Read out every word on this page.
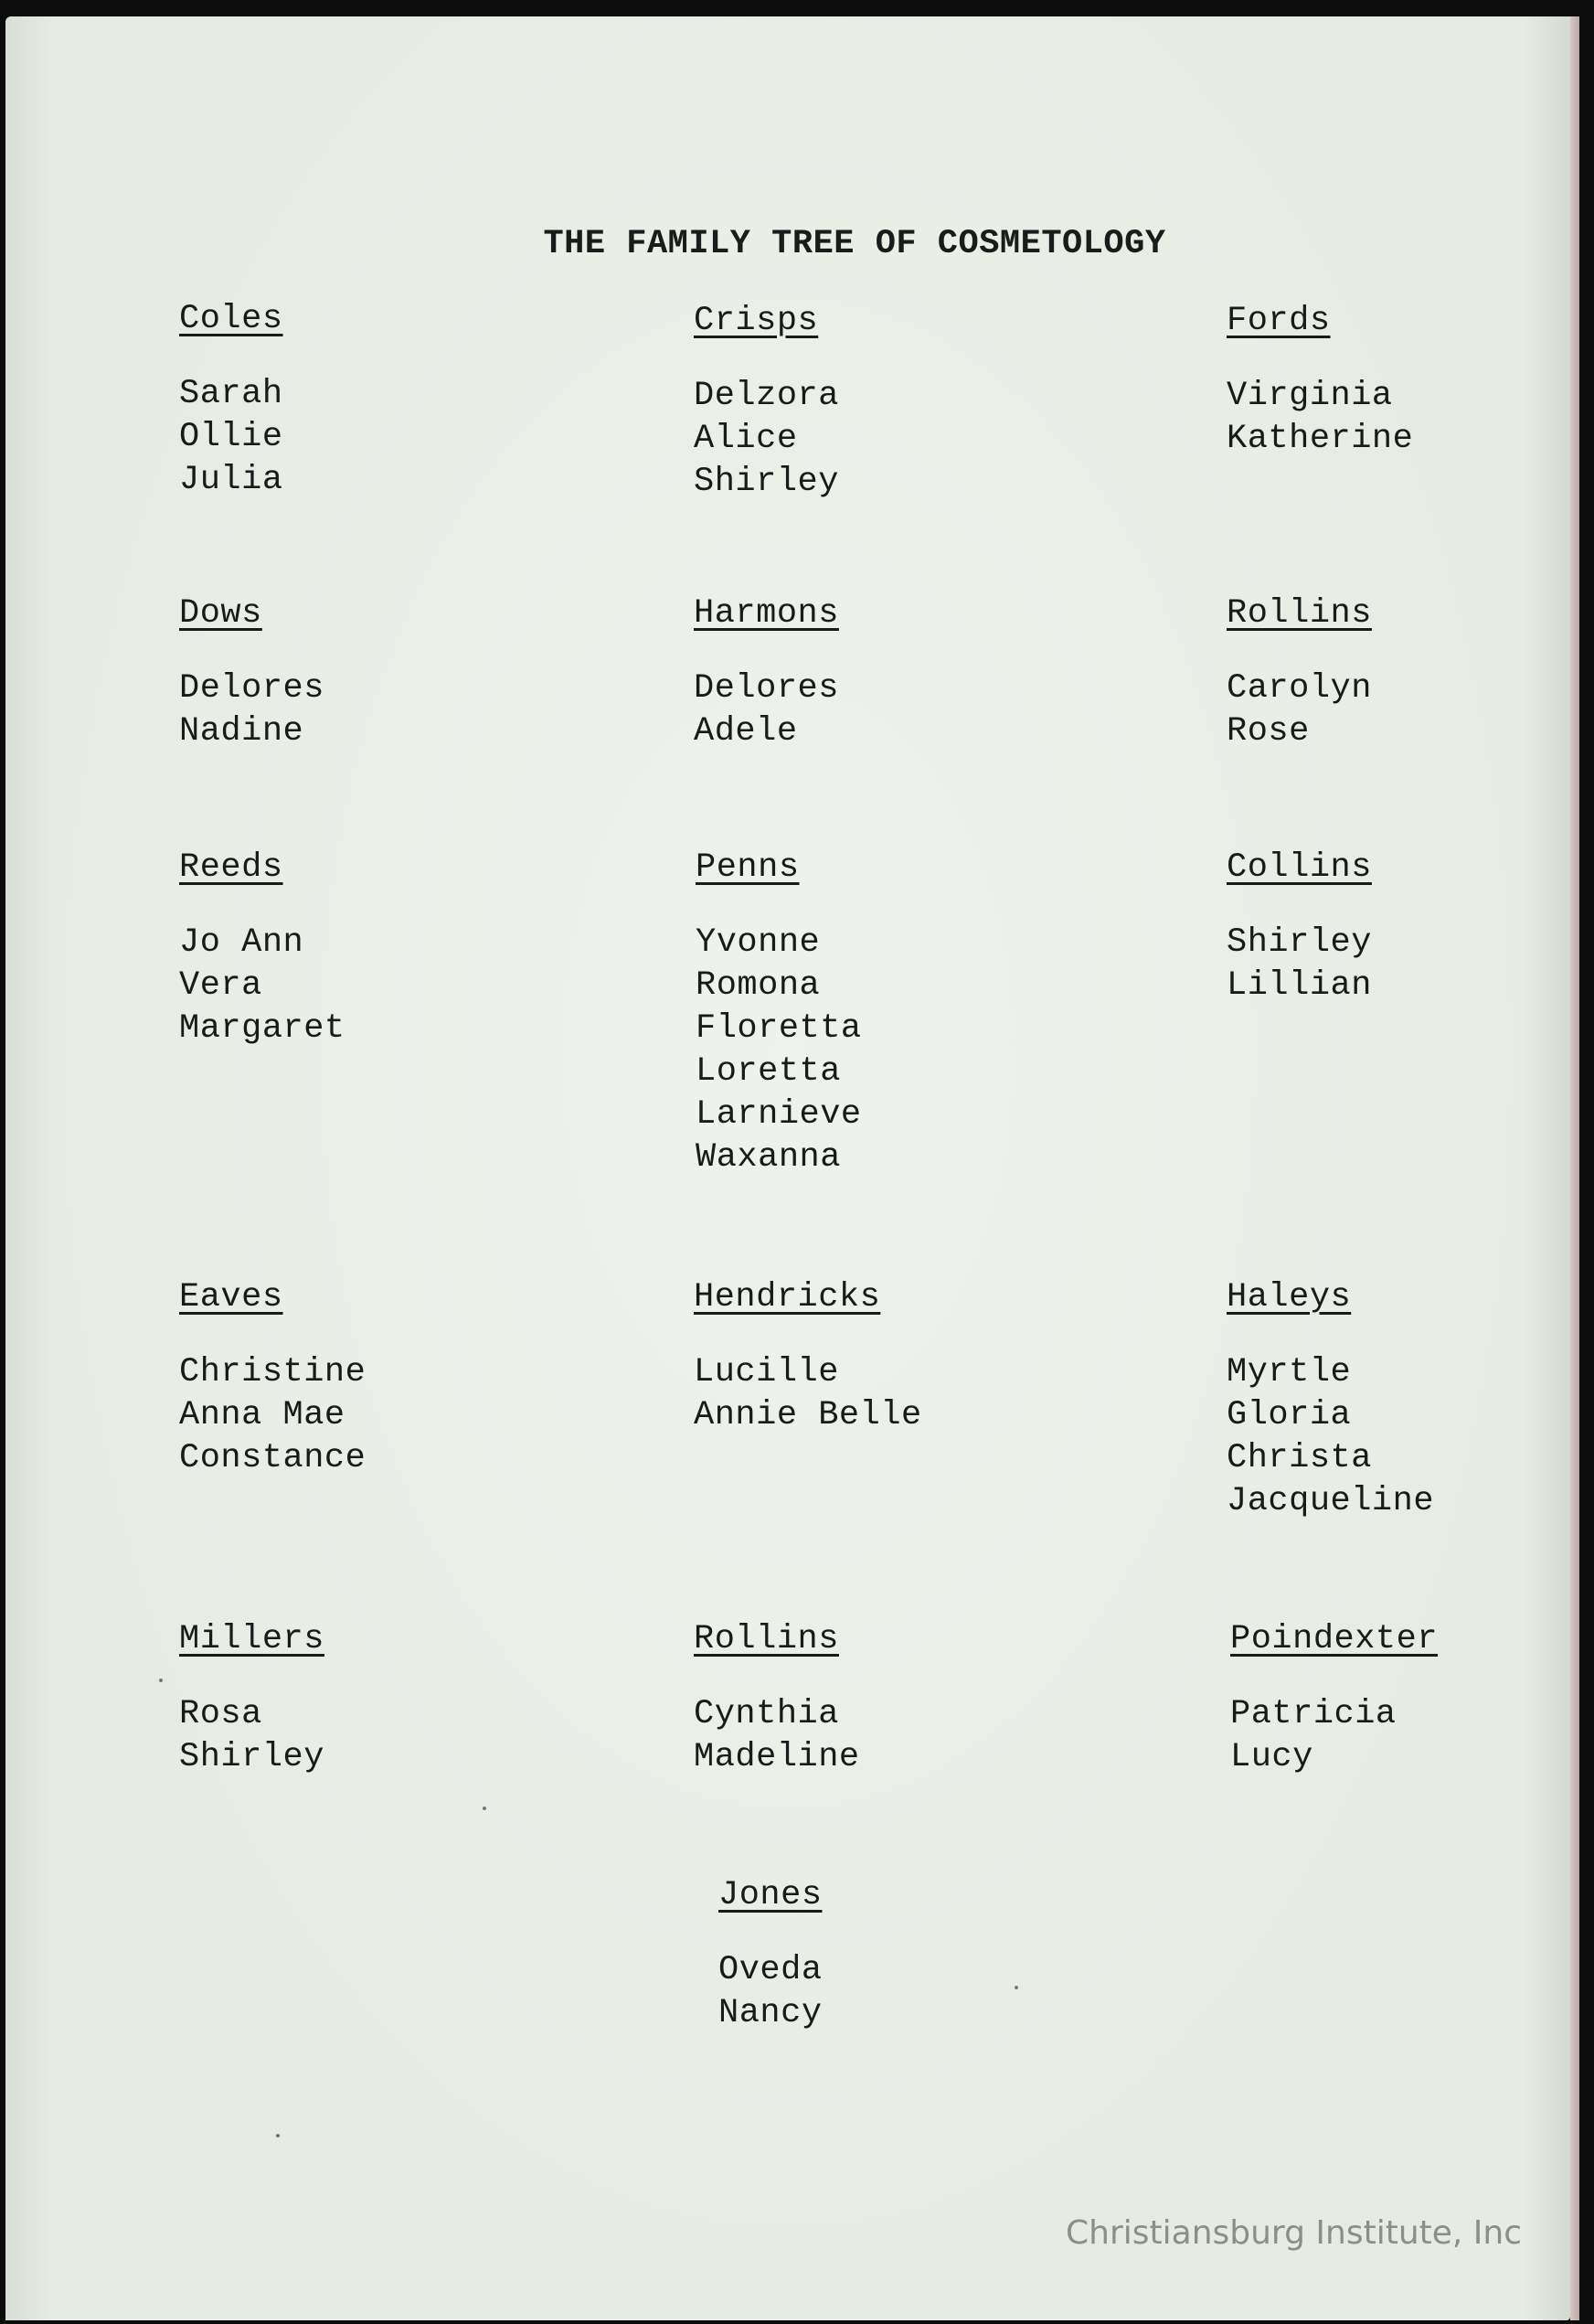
THE FAMILY TREE OF COSMETOLOGY
Coles
Sarah
Ollie
Julia
Crisps
Delzora
Alice
Shirley
Fords
Virginia
Katherine
Dows
Delores
Nadine
Harmons
Delores
Adele
Rollins
Carolyn
Rose
Reeds
Jo Ann
Vera
Margaret
Penns
Yvonne
Romona
Floretta
Loretta
Larnieve
Waxanna
Collins
Shirley
Lillian
Eaves
Christine
Anna Mae
Constance
Hendricks
Lucille
Annie Belle
Haleys
Myrtle
Gloria
Christa
Jacqueline
Millers
Rosa
Shirley
Rollins
Cynthia
Madeline
Poindexter
Patricia
Lucy
Jones
Oveda
Nancy
Christiansburg Institute, Inc
